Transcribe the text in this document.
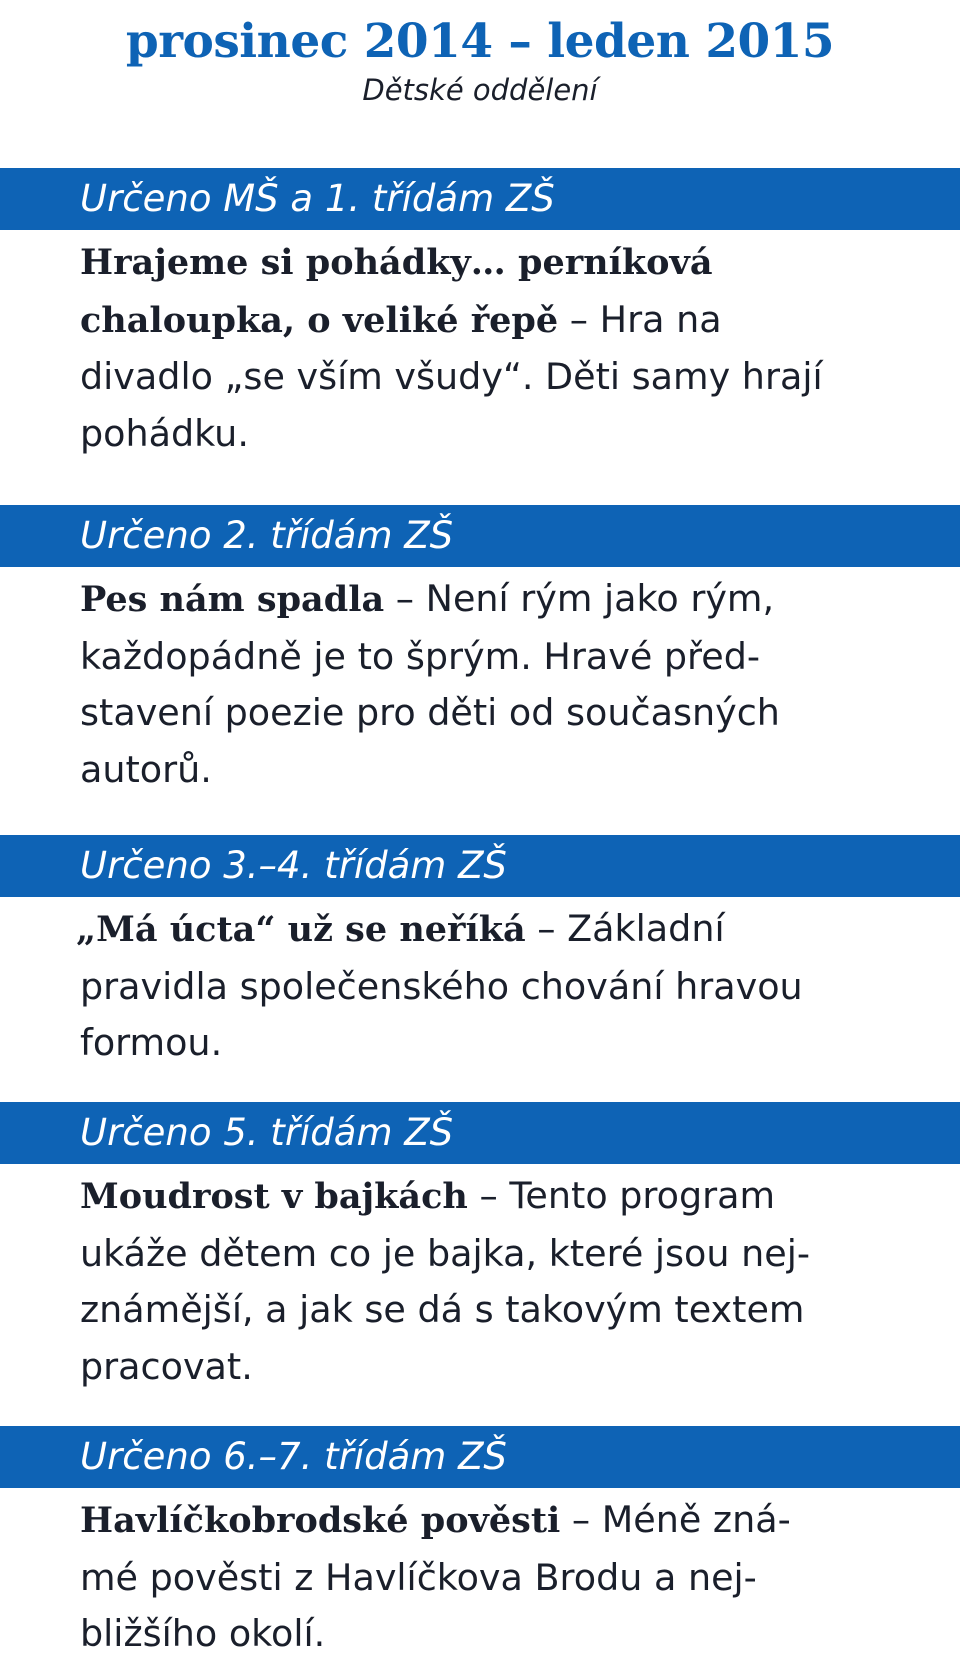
prosinec 2014 – leden 2015

Dětské oddělení

Určeno MŠ a 1. třídám ZŠ
Hrajeme si pohádky… perníková
chaloupka, o veliké řepě – Hra na
divadlo „se vším všudy“. Děti samy hrají
pohádku.
Určeno 2. třídám ZŠ
Pes nám spadla – Není rým jako rým,
každopádně je to šprým. Hravé před-
stavení poezie pro děti od současných
autorů.
Určeno 3.–4. třídám ZŠ
„Má úcta“ už se neříká – Základní
pravidla společenského chování hravou
formou.
Určeno 5. třídám ZŠ
Moudrost v bajkách – Tento program
ukáže dětem co je bajka, které jsou nej-
známější, a jak se dá s takovým textem
pracovat.
Určeno 6.–7. třídám ZŠ
Havlíčkobrodské pověsti – Méně zná-
mé pověsti z Havlíčkova Brodu a nej-
bližšího okolí.
